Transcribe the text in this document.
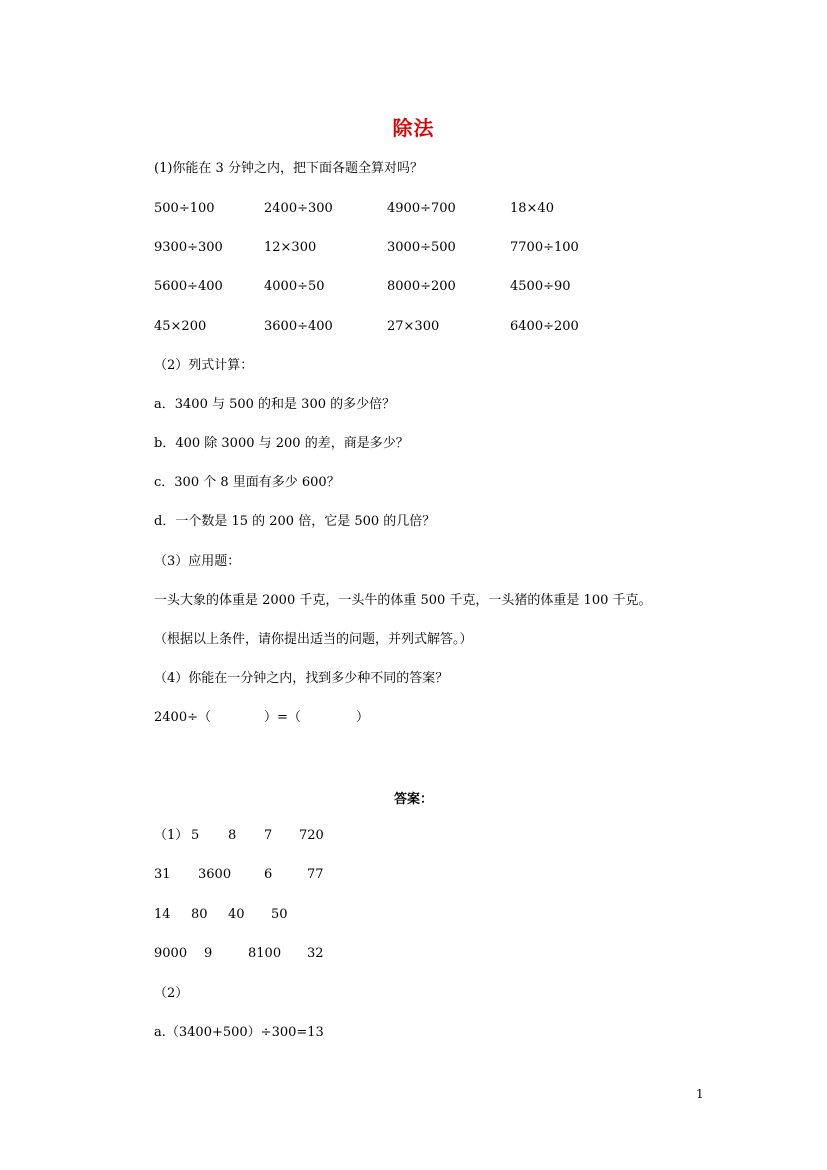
除法
(1)你能在 3 分钟之内，把下面各题全算对吗？
500÷100	2400÷300	4900÷700	18×40
9300÷300	12×300	3000÷500	7700÷100
5600÷400	4000÷50	8000÷200	4500÷90
45×200	3600÷400	27×300	6400÷200
（2）列式计算：
a．3400 与 500 的和是 300 的多少倍？
b．400 除 3000 与 200 的差，商是多少？
c．300 个 8 里面有多少 600？
d．一个数是 15 的 200 倍，它是 500 的几倍？
（3）应用题：
一头大象的体重是 2000 千克，一头牛的体重 500 千克，一头猪的体重是 100 千克。
（根据以上条件，请你提出适当的问题，并列式解答。）
（4）你能在一分钟之内，找到多少种不同的答案？
2400÷（	）=（	）
答案：
（1） 5 8 7 720
31 3600	6	77
14 80 40 50
9000 9	8100 32
（2）
a.（3400+500）÷300=13
1
